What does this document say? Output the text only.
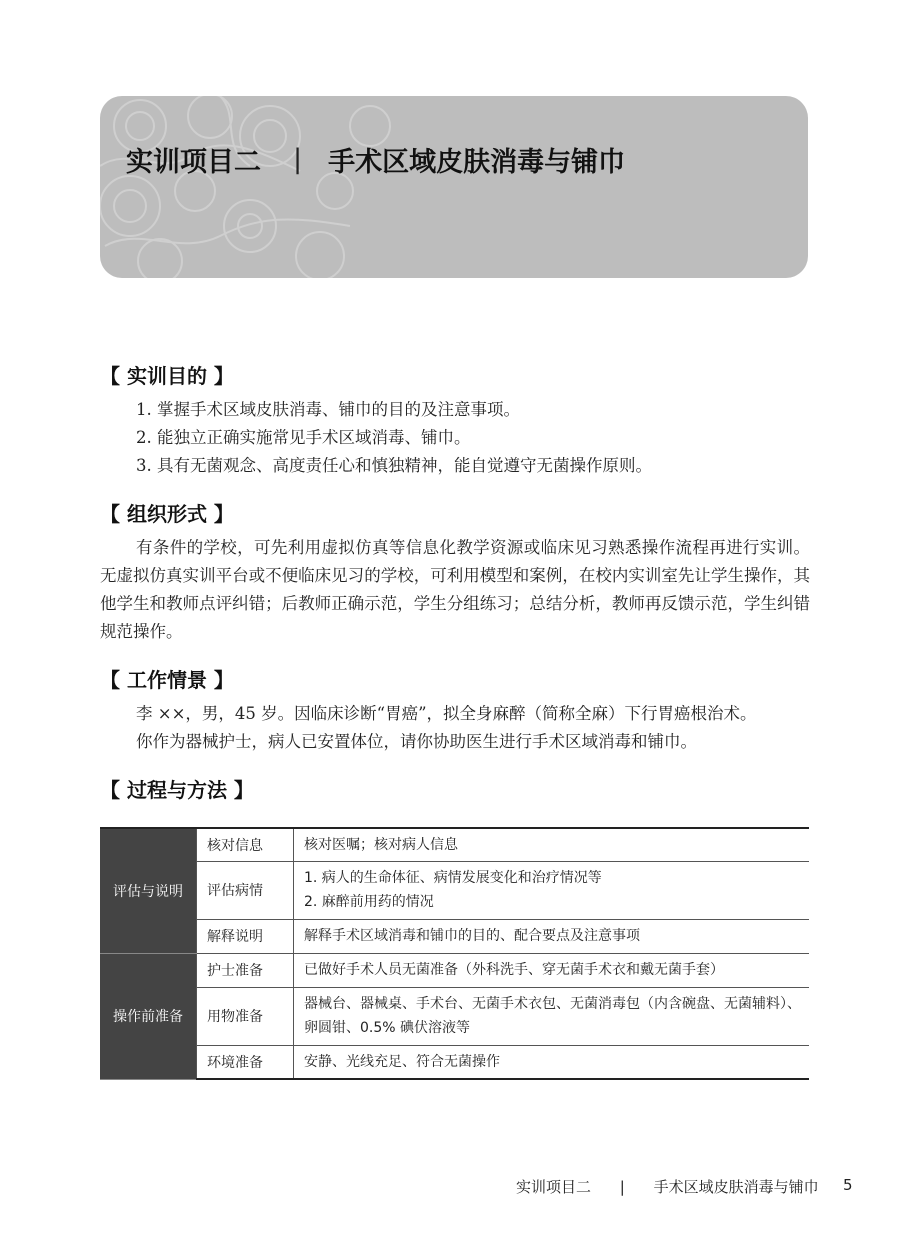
实训项目二 | 手术区域皮肤消毒与铺巾
【 实训目的 】
1. 掌握手术区域皮肤消毒、铺巾的目的及注意事项。
2. 能独立正确实施常见手术区域消毒、铺巾。
3. 具有无菌观念、高度责任心和慎独精神，能自觉遵守无菌操作原则。
【 组织形式 】
有条件的学校，可先利用虚拟仿真等信息化教学资源或临床见习熟悉操作流程再进行实训。无虚拟仿真实训平台或不便临床见习的学校，可利用模型和案例，在校内实训室先让学生操作，其他学生和教师点评纠错；后教师正确示范，学生分组练习；总结分析，教师再反馈示范，学生纠错规范操作。
【 工作情景 】
李 ××，男，45 岁。因临床诊断“胃癌”，拟全身麻醉（简称全麻）下行胃癌根治术。
你作为器械护士，病人已安置体位，请你协助医生进行手术区域消毒和铺巾。
【 过程与方法 】
评估与说明	核对信息	核对医嘱；核对病人信息

	评估病情	1. 病人的生命体征、病情发展变化和治疗情况等
2. 麻醉前用药的情况

	解释说明	解释手术区域消毒和铺巾的目的、配合要点及注意事项

操作前准备	护士准备	已做好手术人员无菌准备（外科洗手、穿无菌手术衣和戴无菌手套）

	用物准备	器械台、器械桌、手术台、无菌手术衣包、无菌消毒包（内含碗盘、无菌辅料）、
卵圆钳、0.5% 碘伏溶液等

	环境准备	安静、光线充足、符合无菌操作
实训项目二 | 手术区域皮肤消毒与铺巾 5
